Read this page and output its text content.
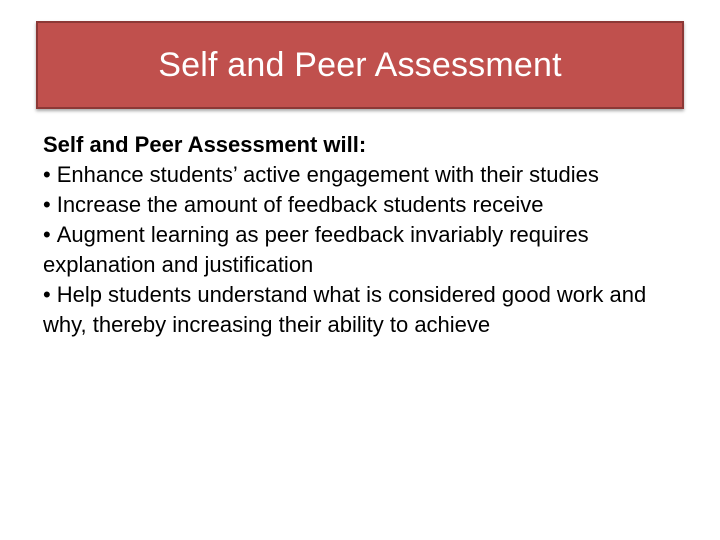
Self and Peer Assessment

Self and Peer Assessment will:

• Enhance students’ active engagement with their studies
• Increase the amount of feedback students receive
• Augment learning as peer feedback invariably requires explanation and justification
• Help students understand what is considered good work and why, thereby increasing their ability to achieve
